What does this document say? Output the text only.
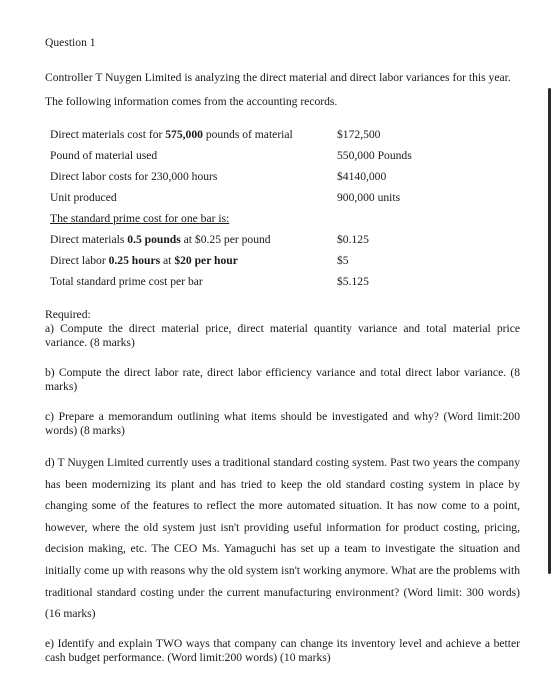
Question 1
Controller T Nuygen Limited is analyzing the direct material and direct labor variances for this year. The following information comes from the accounting records.
Direct materials cost for 575,000 pounds of material	$172,500
Pound of material used	550,000 Pounds
Direct labor costs for 230,000 hours	$4140,000
Unit produced	900,000 units
The standard prime cost for one bar is:
Direct materials 0.5 pounds at $0.25 per pound	$0.125
Direct labor 0.25 hours at $20 per hour	$5
Total standard prime cost per bar	$5.125
Required:
a) Compute the direct material price, direct material quantity variance and total material price variance. (8 marks)
b) Compute the direct labor rate, direct labor efficiency variance and total direct labor variance. (8 marks)
c) Prepare a memorandum outlining what items should be investigated and why? (Word limit:200 words) (8 marks)
d) T Nuygen Limited currently uses a traditional standard costing system. Past two years the company has been modernizing its plant and has tried to keep the old standard costing system in place by changing some of the features to reflect the more automated situation. It has now come to a point, however, where the old system just isn't providing useful information for product costing, pricing, decision making, etc. The CEO Ms. Yamaguchi has set up a team to investigate the situation and initially come up with reasons why the old system isn't working anymore. What are the problems with traditional standard costing under the current manufacturing environment? (Word limit: 300 words) (16 marks)
e) Identify and explain TWO ways that company can change its inventory level and achieve a better cash budget performance. (Word limit:200 words) (10 marks)
